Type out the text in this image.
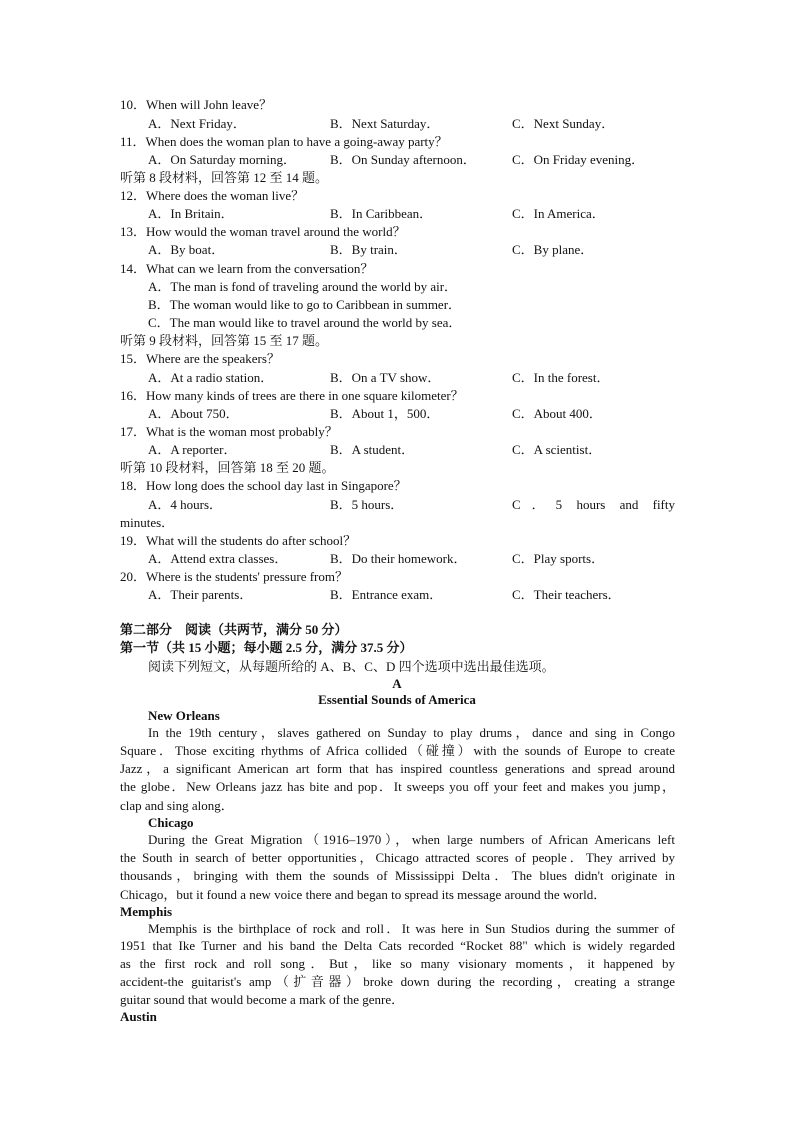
10．When will John leave？
A．Next Friday．	B．Next Saturday．	C．Next Sunday．
11．When does the woman plan to have a going-away party？
A．On Saturday morning．	B．On Sunday afternoon．	C．On Friday evening．
听第 8 段材料，回答第 12 至 14 题。
12．Where does the woman live？
A．In Britain．	B．In Caribbean．	C．In America．
13．How would the woman travel around the world？
A．By boat．	B．By train．	C．By plane．
14．What can we learn from the conversation？
A．The man is fond of traveling around the world by air．
B．The woman would like to go to Caribbean in summer．
C．The man would like to travel around the world by sea．
听第 9 段材料，回答第 15 至 17 题。
15．Where are the speakers？
A．At a radio station．	B．On a TV show．	C．In the forest．
16．How many kinds of trees are there in one square kilometer？
A．About 750．	B．About 1，500．	C．About 400．
17．What is the woman most probably？
A．A reporter．	B．A student．	C．A scientist．
听第 10 段材料，回答第 18 至 20 题。
18．How long does the school day last in Singapore？
A．4 hours．	B．5 hours．	C．5 hours and fifty
minutes．
19．What will the students do after school？
A．Attend extra classes．	B．Do their homework．	C．Play sports．
20．Where is the students' pressure from？
A．Their parents．	B．Entrance exam．	C．Their teachers．
第二部分　阅读（共两节，满分 50 分）
第一节（共 15 小题；每小题 2.5 分，满分 37.5 分）
阅读下列短文，从每题所给的 A、B、C、D 四个选项中选出最佳选项。
A
Essential Sounds of America
New Orleans
In the 19th century，slaves gathered on Sunday to play drums，dance and sing in Congo
Square．Those exciting rhythms of Africa collided（碰撞）with the sounds of Europe to create
Jazz，a significant American art form that has inspired countless generations and spread around
the globe．New Orleans jazz has bite and pop．It sweeps you off your feet and makes you jump，
clap and sing along．
Chicago
During the Great Migration（1916–1970），when large numbers of African Americans left
the South in search of better opportunities，Chicago attracted scores of people．They arrived by
thousands，bringing with them the sounds of Mississippi Delta．The blues didn't originate in
Chicago，but it found a new voice there and began to spread its message around the world．
Memphis
Memphis is the birthplace of rock and roll．It was here in Sun Studios during the summer of
1951 that Ike Turner and his band the Delta Cats recorded “Rocket 88" which is widely regarded
as the first rock and roll song．But，like so many visionary moments，it happened by
accident-the guitarist's amp（扩音器）broke down during the recording，creating a strange
guitar sound that would become a mark of the genre．
Austin
